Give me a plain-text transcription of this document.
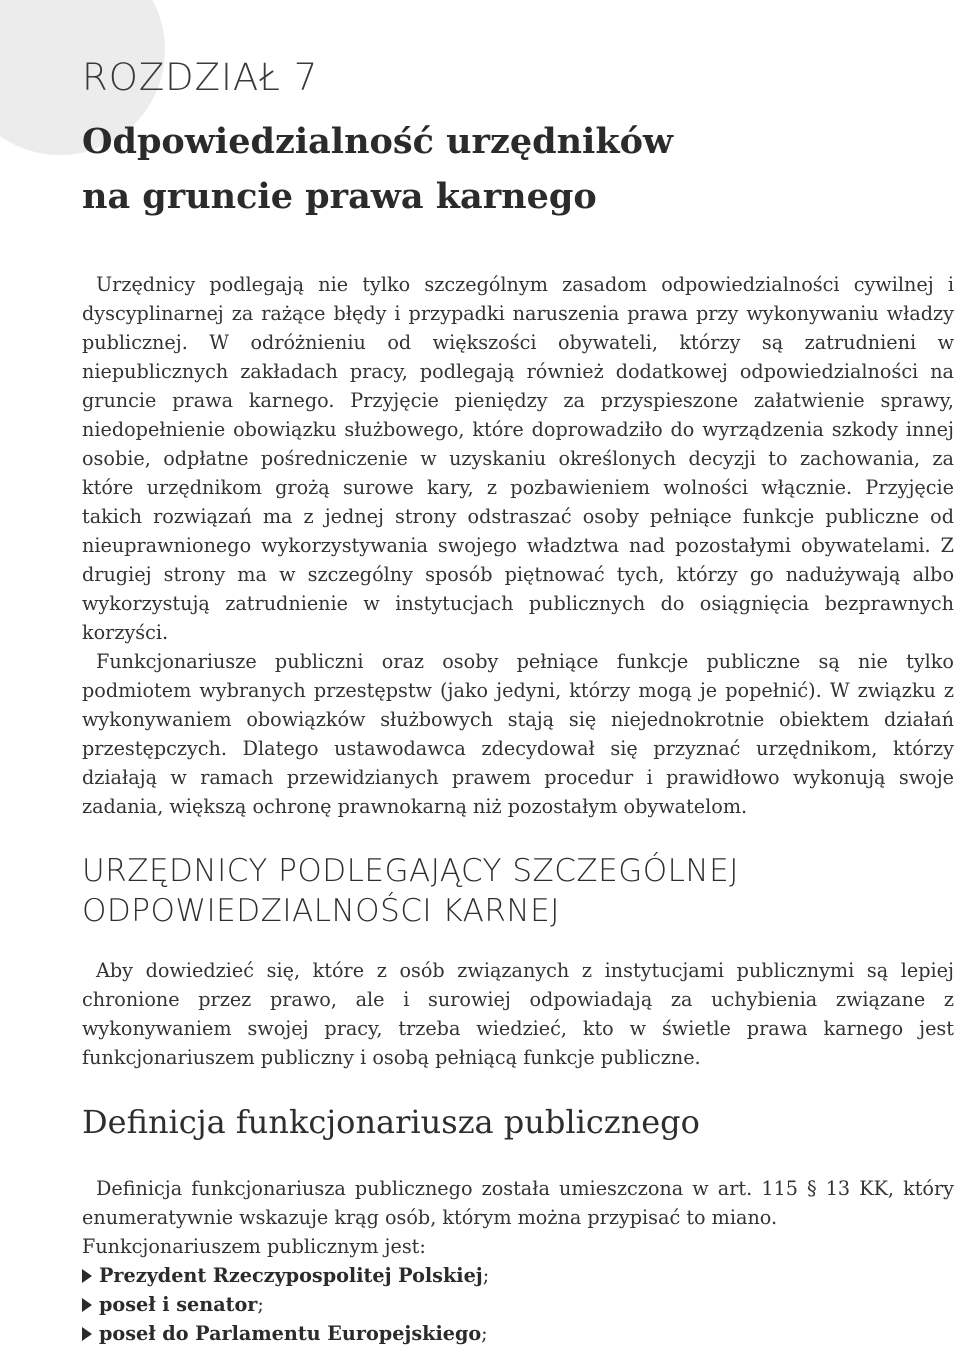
ROZDZIAŁ 7
Odpowiedzialność urzędników
na gruncie prawa karnego

Urzędnicy podlegają nie tylko szczególnym zasadom odpowiedzialności cywilnej i dyscyplinarnej za rażące błędy i przypadki naruszenia prawa przy wykonywaniu władzy publicznej. W odróżnieniu od większości obywateli, którzy są zatrudnieni w niepublicznych zakładach pracy, podlegają również dodatkowej odpowiedzialności na gruncie prawa karnego. Przyjęcie pieniędzy za przyspieszone załatwienie sprawy, niedopełnienie obowiązku służbowego, które doprowadziło do wyrządzenia szkody innej osobie, odpłatne pośredniczenie w uzyskaniu określonych decyzji to zachowania, za które urzędnikom grożą surowe kary, z pozbawieniem wolności włącznie. Przyjęcie takich rozwiązań ma z jednej strony odstraszać osoby pełniące funkcje publiczne od nieuprawnionego wykorzystywania swojego władztwa nad pozostałymi obywatelami. Z drugiej strony ma w szczególny sposób piętnować tych, którzy go nadużywają albo wykorzystują zatrudnienie w instytucjach publicznych do osiągnięcia bezprawnych korzyści.

Funkcjonariusze publiczni oraz osoby pełniące funkcje publiczne są nie tylko podmiotem wybranych przestępstw (jako jedyni, którzy mogą je popełnić). W związku z wykonywaniem obowiązków służbowych stają się niejednokrotnie obiektem działań przestępczych. Dlatego ustawodawca zdecydował się przyznać urzędnikom, którzy działają w ramach przewidzianych prawem procedur i prawidłowo wykonują swoje zadania, większą ochronę prawnokarną niż pozostałym obywatelom.

URZĘDNICY PODLEGAJĄCY SZCZEGÓLNEJ
ODPOWIEDZIALNOŚCI KARNEJ

Aby dowiedzieć się, które z osób związanych z instytucjami publicznymi są lepiej chronione przez prawo, ale i surowiej odpowiadają za uchybienia związane z wykonywaniem swojej pracy, trzeba wiedzieć, kto w świetle prawa karnego jest funkcjonariuszem publiczny i osobą pełniącą funkcje publiczne.

Definicja funkcjonariusza publicznego

Definicja funkcjonariusza publicznego została umieszczona w art. 115 § 13 KK, który enumeratywnie wskazuje krąg osób, którym można przypisać to miano.

Funkcjonariuszem publicznym jest:

Prezydent Rzeczypospolitej Polskiej;
poseł i senator;
poseł do Parlamentu Europejskiego;
